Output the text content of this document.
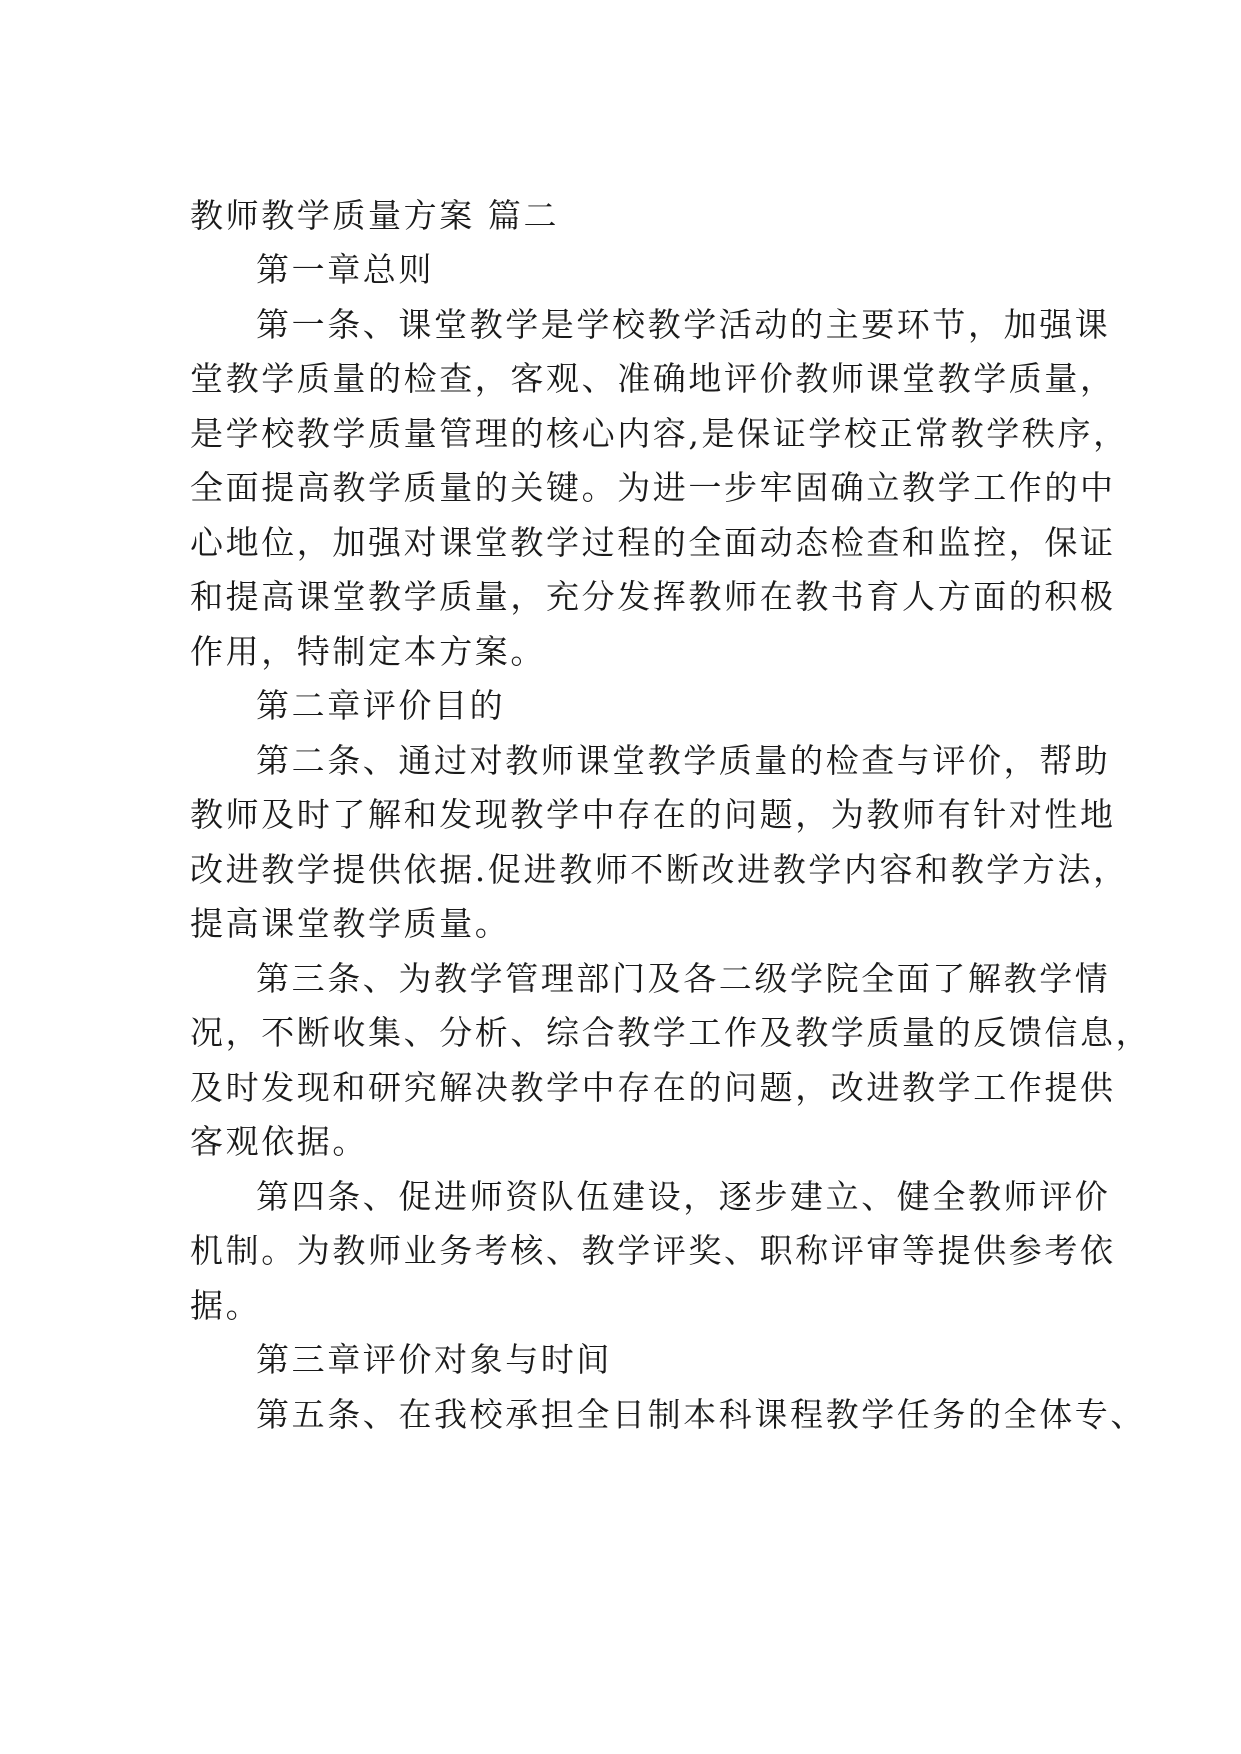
教师教学质量方案 篇二
第一章总则
第一条、课堂教学是学校教学活动的主要环节，加强课
堂教学质量的检查，客观、准确地评价教师课堂教学质量，
是学校教学质量管理的核心内容,是保证学校正常教学秩序，
全面提高教学质量的关键。为进一步牢固确立教学工作的中
心地位，加强对课堂教学过程的全面动态检查和监控，保证
和提高课堂教学质量，充分发挥教师在教书育人方面的积极
作用，特制定本方案。
第二章评价目的
第二条、通过对教师课堂教学质量的检查与评价，帮助
教师及时了解和发现教学中存在的问题，为教师有针对性地
改进教学提供依据.促进教师不断改进教学内容和教学方法，
提高课堂教学质量。
第三条、为教学管理部门及各二级学院全面了解教学情
况，不断收集、分析、综合教学工作及教学质量的反馈信息，
及时发现和研究解决教学中存在的问题，改进教学工作提供
客观依据。
第四条、促进师资队伍建设，逐步建立、健全教师评价
机制。为教师业务考核、教学评奖、职称评审等提供参考依
据。
第三章评价对象与时间
第五条、在我校承担全日制本科课程教学任务的全体专、
